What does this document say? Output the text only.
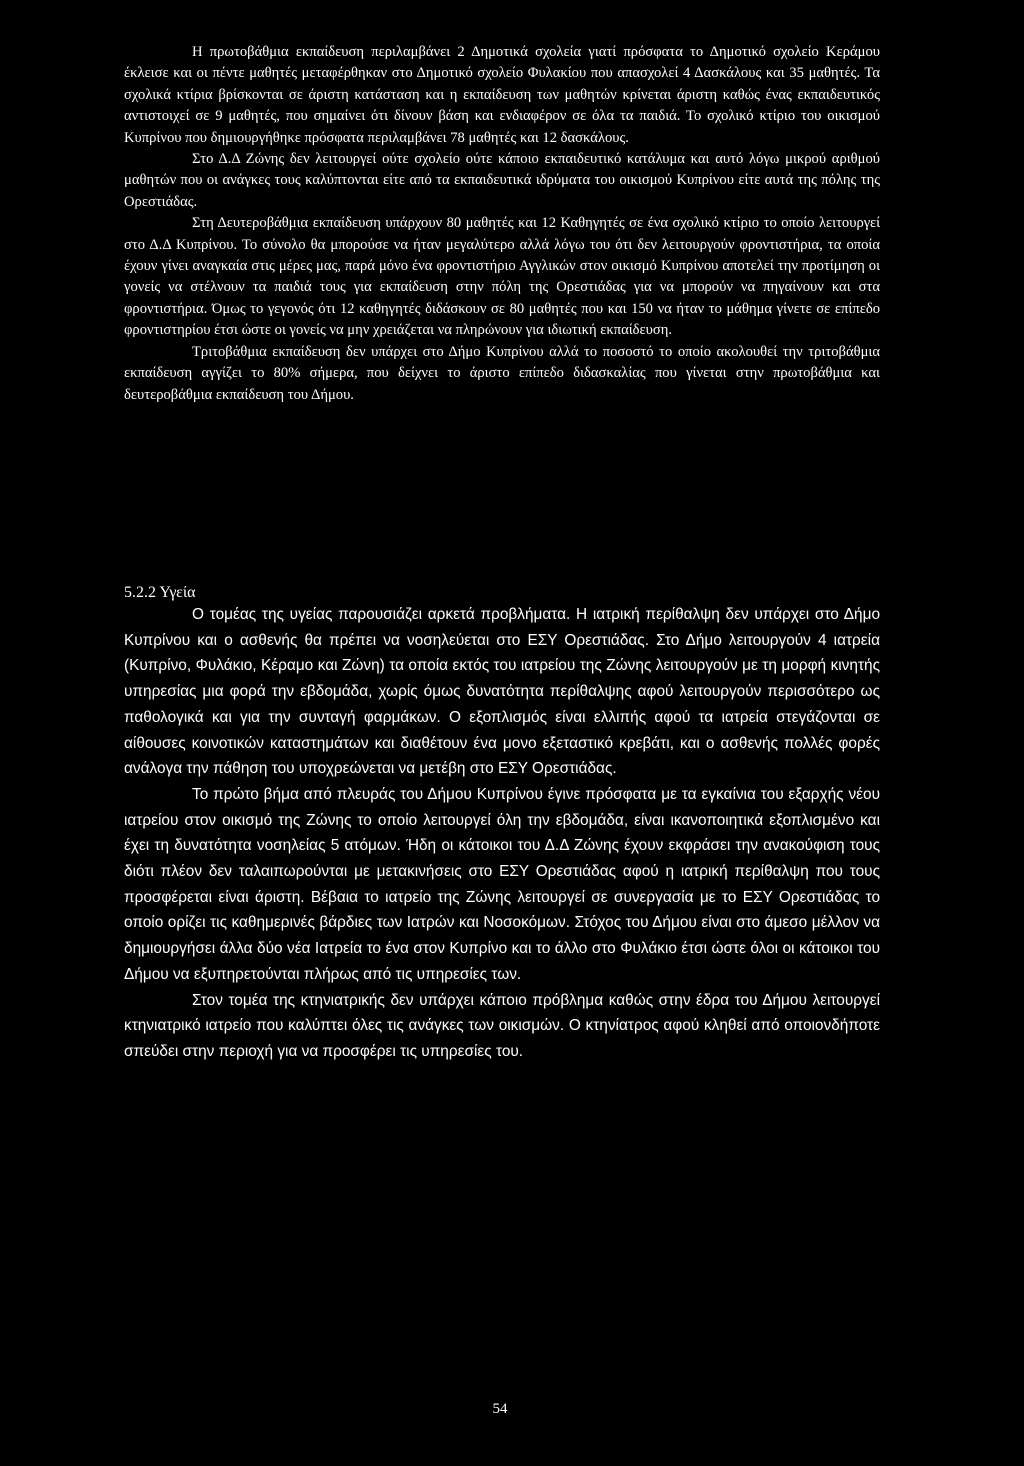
Η πρωτοβάθμια εκπαίδευση περιλαμβάνει 2 Δημοτικά σχολεία γιατί πρόσφατα το Δημοτικό σχολείο Κεράμου έκλεισε και οι πέντε μαθητές μεταφέρθηκαν στο Δημοτικό σχολείο Φυλακίου που απασχολεί 4 Δασκάλους και 35 μαθητές. Τα σχολικά κτίρια βρίσκονται σε άριστη κατάσταση και η εκπαίδευση των μαθητών κρίνεται άριστη καθώς ένας εκπαιδευτικός αντιστοιχεί σε 9 μαθητές, που σημαίνει ότι δίνουν βάση και ενδιαφέρον σε όλα τα παιδιά. Το σχολικό κτίριο του οικισμού Κυπρίνου που δημιουργήθηκε πρόσφατα περιλαμβάνει 78 μαθητές και 12 δασκάλους.

Στο Δ.Δ Ζώνης δεν λειτουργεί ούτε σχολείο ούτε κάποιο εκπαιδευτικό κατάλυμα και αυτό λόγω μικρού αριθμού μαθητών που οι ανάγκες τους καλύπτονται είτε από τα εκπαιδευτικά ιδρύματα του οικισμού Κυπρίνου είτε αυτά της πόλης της Ορεστιάδας.

Στη Δευτεροβάθμια εκπαίδευση υπάρχουν 80 μαθητές και 12 Καθηγητές σε ένα σχολικό κτίριο το οποίο λειτουργεί στο Δ.Δ Κυπρίνου. Το σύνολο θα μπορούσε να ήταν μεγαλύτερο αλλά λόγω του ότι δεν λειτουργούν φροντιστήρια, τα οποία έχουν γίνει αναγκαία στις μέρες μας, παρά μόνο ένα φροντιστήριο Αγγλικών στον οικισμό Κυπρίνου αποτελεί την προτίμηση οι γονείς να στέλνουν τα παιδιά τους για εκπαίδευση στην πόλη της Ορεστιάδας για να μπορούν να πηγαίνουν και στα φροντιστήρια. Όμως το γεγονός ότι 12 καθηγητές διδάσκουν σε 80 μαθητές που και 150 να ήταν το μάθημα γίνετε σε επίπεδο φροντιστηρίου έτσι ώστε οι γονείς να μην χρειάζεται να πληρώνουν για ιδιωτική εκπαίδευση.

Τριτοβάθμια εκπαίδευση δεν υπάρχει στο Δήμο Κυπρίνου αλλά το ποσοστό το οποίο ακολουθεί την τριτοβάθμια εκπαίδευση αγγίζει το 80% σήμερα, που δείχνει το άριστο επίπεδο διδασκαλίας που γίνεται στην πρωτοβάθμια και δευτεροβάθμια εκπαίδευση του Δήμου.

5.2.2 Υγεία

Ο τομέας της υγείας παρουσιάζει αρκετά προβλήματα. Η ιατρική περίθαλψη δεν υπάρχει στο Δήμο Κυπρίνου και ο ασθενής θα πρέπει να νοσηλεύεται στο ΕΣΥ Ορεστιάδας. Στο Δήμο λειτουργούν 4 ιατρεία (Κυπρίνο, Φυλάκιο, Κέραμο και Ζώνη) τα οποία εκτός του ιατρείου της Ζώνης λειτουργούν με τη μορφή κινητής υπηρεσίας μια φορά την εβδομάδα, χωρίς όμως δυνατότητα περίθαλψης αφού λειτουργούν περισσότερο ως παθολογικά και για την συνταγή φαρμάκων. Ο εξοπλισμός είναι ελλιπής αφού τα ιατρεία στεγάζονται σε αίθουσες κοινοτικών καταστημάτων και διαθέτουν ένα μονο εξεταστικό κρεβάτι, και ο ασθενής πολλές φορές ανάλογα την πάθηση του υποχρεώνεται να μετέβη στο ΕΣΥ Ορεστιάδας.

Το πρώτο βήμα από πλευράς του Δήμου Κυπρίνου έγινε πρόσφατα με τα εγκαίνια του εξαρχής νέου ιατρείου στον οικισμό της Ζώνης το οποίο λειτουργεί όλη την εβδομάδα, είναι ικανοποιητικά εξοπλισμένο και έχει τη δυνατότητα νοσηλείας 5 ατόμων. Ήδη οι κάτοικοι του Δ.Δ Ζώνης έχουν εκφράσει την ανακούφιση τους διότι πλέον δεν ταλαιπωρούνται με μετακινήσεις στο ΕΣΥ Ορεστιάδας αφού η ιατρική περίθαλψη που τους προσφέρεται είναι άριστη. Βέβαια το ιατρείο της Ζώνης λειτουργεί σε συνεργασία με το ΕΣΥ Ορεστιάδας το οποίο ορίζει τις καθημερινές βάρδιες των Ιατρών και Νοσοκόμων. Στόχος του Δήμου είναι στο άμεσο μέλλον να δημιουργήσει άλλα δύο νέα Ιατρεία το ένα στον Κυπρίνο και το άλλο στο Φυλάκιο έτσι ώστε όλοι οι κάτοικοι του Δήμου να εξυπηρετούνται πλήρως από τις υπηρεσίες των.

Στον τομέα της κτηνιατρικής δεν υπάρχει κάποιο πρόβλημα καθώς στην έδρα του Δήμου λειτουργεί κτηνιατρικό ιατρείο που καλύπτει όλες τις ανάγκες των οικισμών. Ο κτηνίατρος αφού κληθεί από οποιονδήποτε σπεύδει στην περιοχή για να προσφέρει τις υπηρεσίες του.

54
